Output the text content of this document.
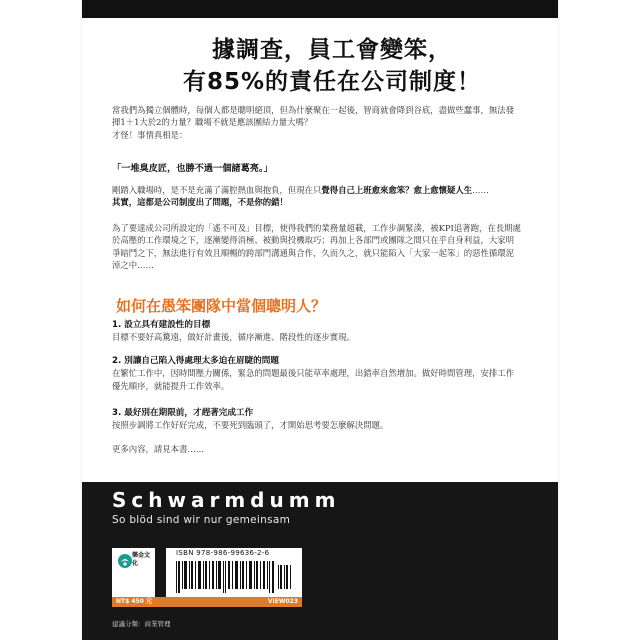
據調查，員工會變笨，
有85%的責任在公司制度！
當我們為獨立個體時，每個人都是聰明絕頂，但為什麼聚在一起後，智商就會降到谷底，盡做些蠢事，無法發揮1＋1大於2的力量？職場不就是應該團結力量大嗎？
才怪！事情真相是：
「一堆臭皮匠，也勝不過一個諸葛亮。」
剛踏入職場時，是不是充滿了滿腔熱血與抱負，但現在只覺得自己上班愈來愈笨？愈上愈懷疑人生……
其實，這都是公司制度出了問題，不是你的錯！
為了要達成公司所設定的「遙不可及」目標，使得我們的業務量超載，工作步調緊湊，被KPI追著跑，在長期處於高壓的工作環境之下，逐漸變得消極、被動與投機取巧；再加上各部門或團隊之間只在乎自身利益，大家明爭暗鬥之下，無法進行有效且順暢的跨部門溝通與合作，久而久之，就只能陷入「大家一起笨」的惡性循環泥淖之中……
如何在愚笨團隊中當個聰明人？
1. 設立具有建設性的目標
目標不要好高騖遠，做好計畫後，循序漸進、階段性的逐步實現。
2. 別讓自己陷入得處理太多迫在眉睫的問題
在繁忙工作中，因時間壓力關係，緊急的問題最後只能草率處理，出錯率自然增加。做好時間管理，安排工作優先順序，就能提升工作效率。
3. 最好別在期限前，才趕著完成工作
按照步調將工作好好完成，不要死到臨頭了，才開始思考要怎麼解決問題。
更多內容，請見本書……
Schwarmdumm
So blöd sind wir nur gemeinsam
樂金文化
ISBN 978-986-99636-2-6
NT$ 450 元	VIEW023
建議分類：商業管理
